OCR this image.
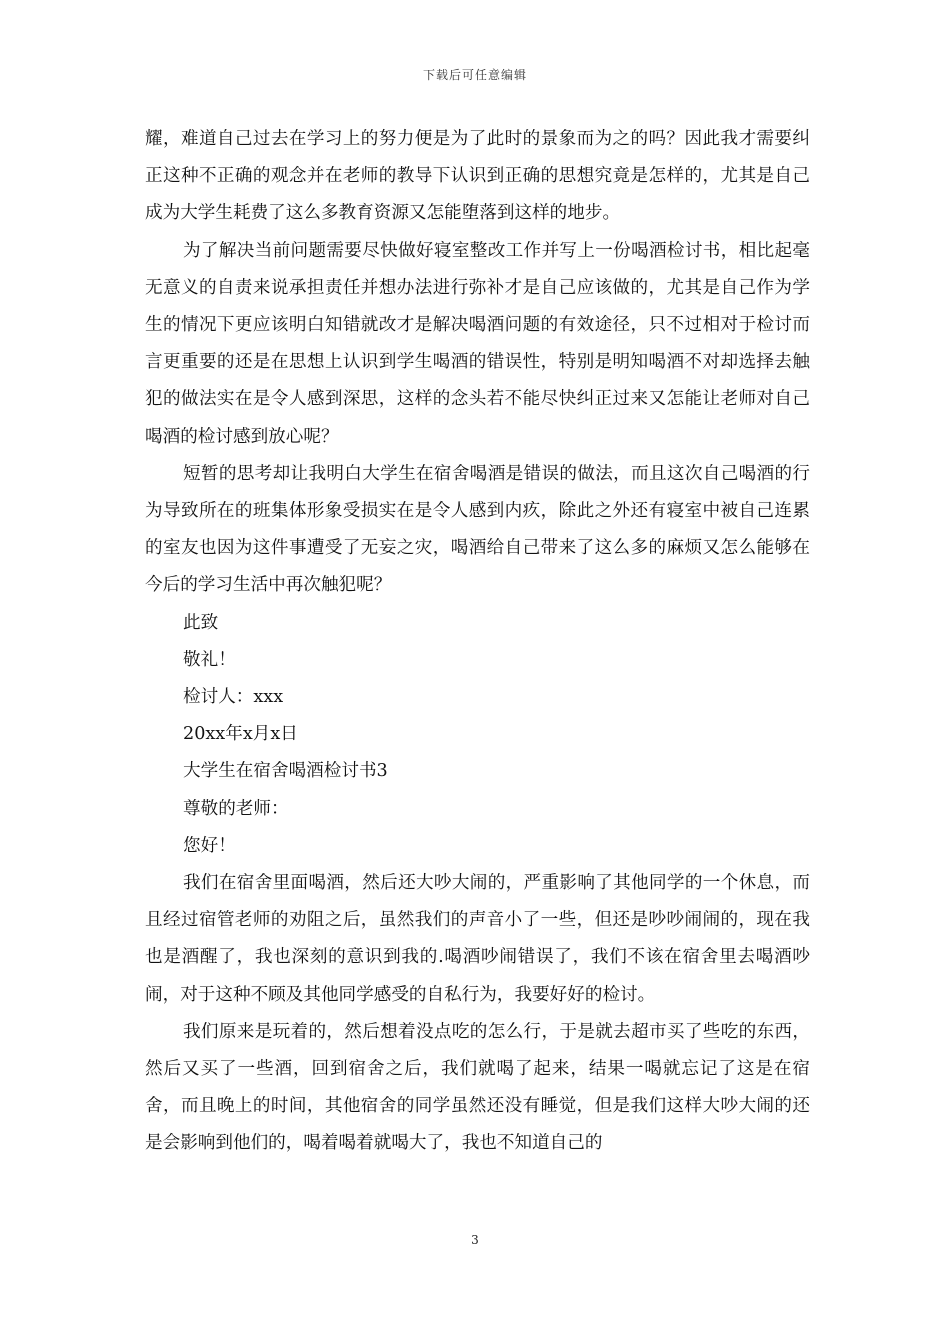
下载后可任意编辑

耀，难道自己过去在学习上的努力便是为了此时的景象而为之的吗？因此我才需要纠正这种不正确的观念并在老师的教导下认识到正确的思想究竟是怎样的，尤其是自己成为大学生耗费了这么多教育资源又怎能堕落到这样的地步。

为了解决当前问题需要尽快做好寝室整改工作并写上一份喝酒检讨书，相比起毫无意义的自责来说承担责任并想办法进行弥补才是自己应该做的，尤其是自己作为学生的情况下更应该明白知错就改才是解决喝酒问题的有效途径，只不过相对于检讨而言更重要的还是在思想上认识到学生喝酒的错误性，特别是明知喝酒不对却选择去触犯的做法实在是令人感到深思，这样的念头若不能尽快纠正过来又怎能让老师对自己喝酒的检讨感到放心呢？

短暂的思考却让我明白大学生在宿舍喝酒是错误的做法，而且这次自己喝酒的行为导致所在的班集体形象受损实在是令人感到内疚，除此之外还有寝室中被自己连累的室友也因为这件事遭受了无妄之灾，喝酒给自己带来了这么多的麻烦又怎么能够在今后的学习生活中再次触犯呢？

此致

敬礼！

检讨人：xxx

20xx年x月x日

大学生在宿舍喝酒检讨书3

尊敬的老师：

您好！

我们在宿舍里面喝酒，然后还大吵大闹的，严重影响了其他同学的一个休息，而且经过宿管老师的劝阻之后，虽然我们的声音小了一些，但还是吵吵闹闹的，现在我也是酒醒了，我也深刻的意识到我的.喝酒吵闹错误了，我们不该在宿舍里去喝酒吵闹，对于这种不顾及其他同学感受的自私行为，我要好好的检讨。

我们原来是玩着的，然后想着没点吃的怎么行，于是就去超市买了些吃的东西，然后又买了一些酒，回到宿舍之后，我们就喝了起来，结果一喝就忘记了这是在宿舍，而且晚上的时间，其他宿舍的同学虽然还没有睡觉，但是我们这样大吵大闹的还是会影响到他们的，喝着喝着就喝大了，我也不知道自己的

3
